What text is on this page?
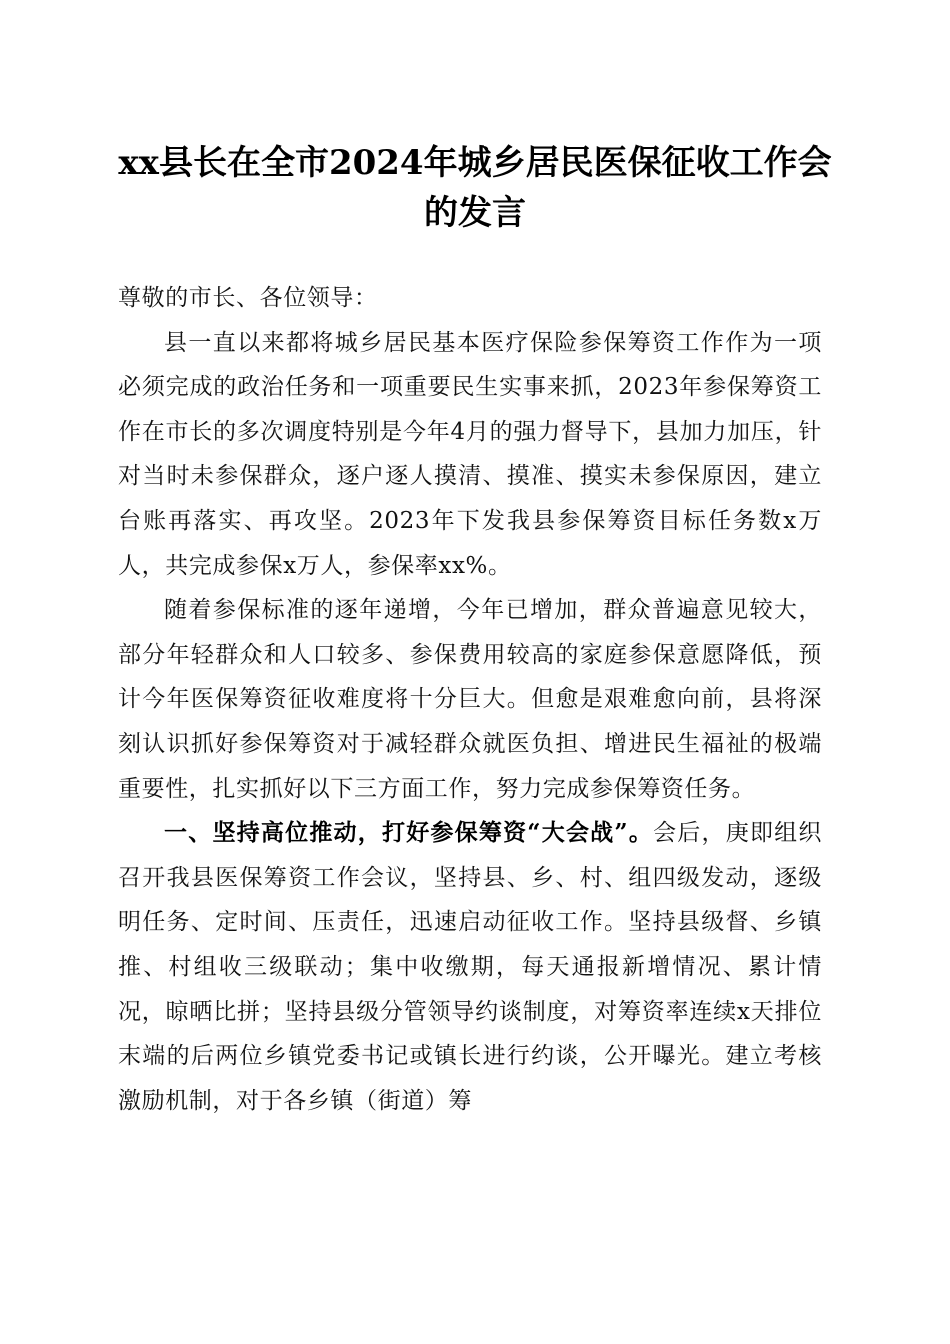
xx县长在全市2024年城乡居民医保征收工作会的发言

尊敬的市长、各位领导：

县一直以来都将城乡居民基本医疗保险参保筹资工作作为一项必须完成的政治任务和一项重要民生实事来抓，2023年参保筹资工作在市长的多次调度特别是今年4月的强力督导下，县加力加压，针对当时未参保群众，逐户逐人摸清、摸准、摸实未参保原因，建立台账再落实、再攻坚。2023年下发我县参保筹资目标任务数x万人，共完成参保x万人，参保率xx%。

随着参保标准的逐年递增，今年已增加，群众普遍意见较大，部分年轻群众和人口较多、参保费用较高的家庭参保意愿降低，预计今年医保筹资征收难度将十分巨大。但愈是艰难愈向前，县将深刻认识抓好参保筹资对于减轻群众就医负担、增进民生福祉的极端重要性，扎实抓好以下三方面工作，努力完成参保筹资任务。

一、坚持高位推动，打好参保筹资“大会战”。会后，庚即组织召开我县医保筹资工作会议，坚持县、乡、村、组四级发动，逐级明任务、定时间、压责任，迅速启动征收工作。坚持县级督、乡镇推、村组收三级联动；集中收缴期，每天通报新增情况、累计情况，晾晒比拼；坚持县级分管领导约谈制度，对筹资率连续x天排位末端的后两位乡镇党委书记或镇长进行约谈，公开曝光。建立考核激励机制，对于各乡镇（街道）筹
